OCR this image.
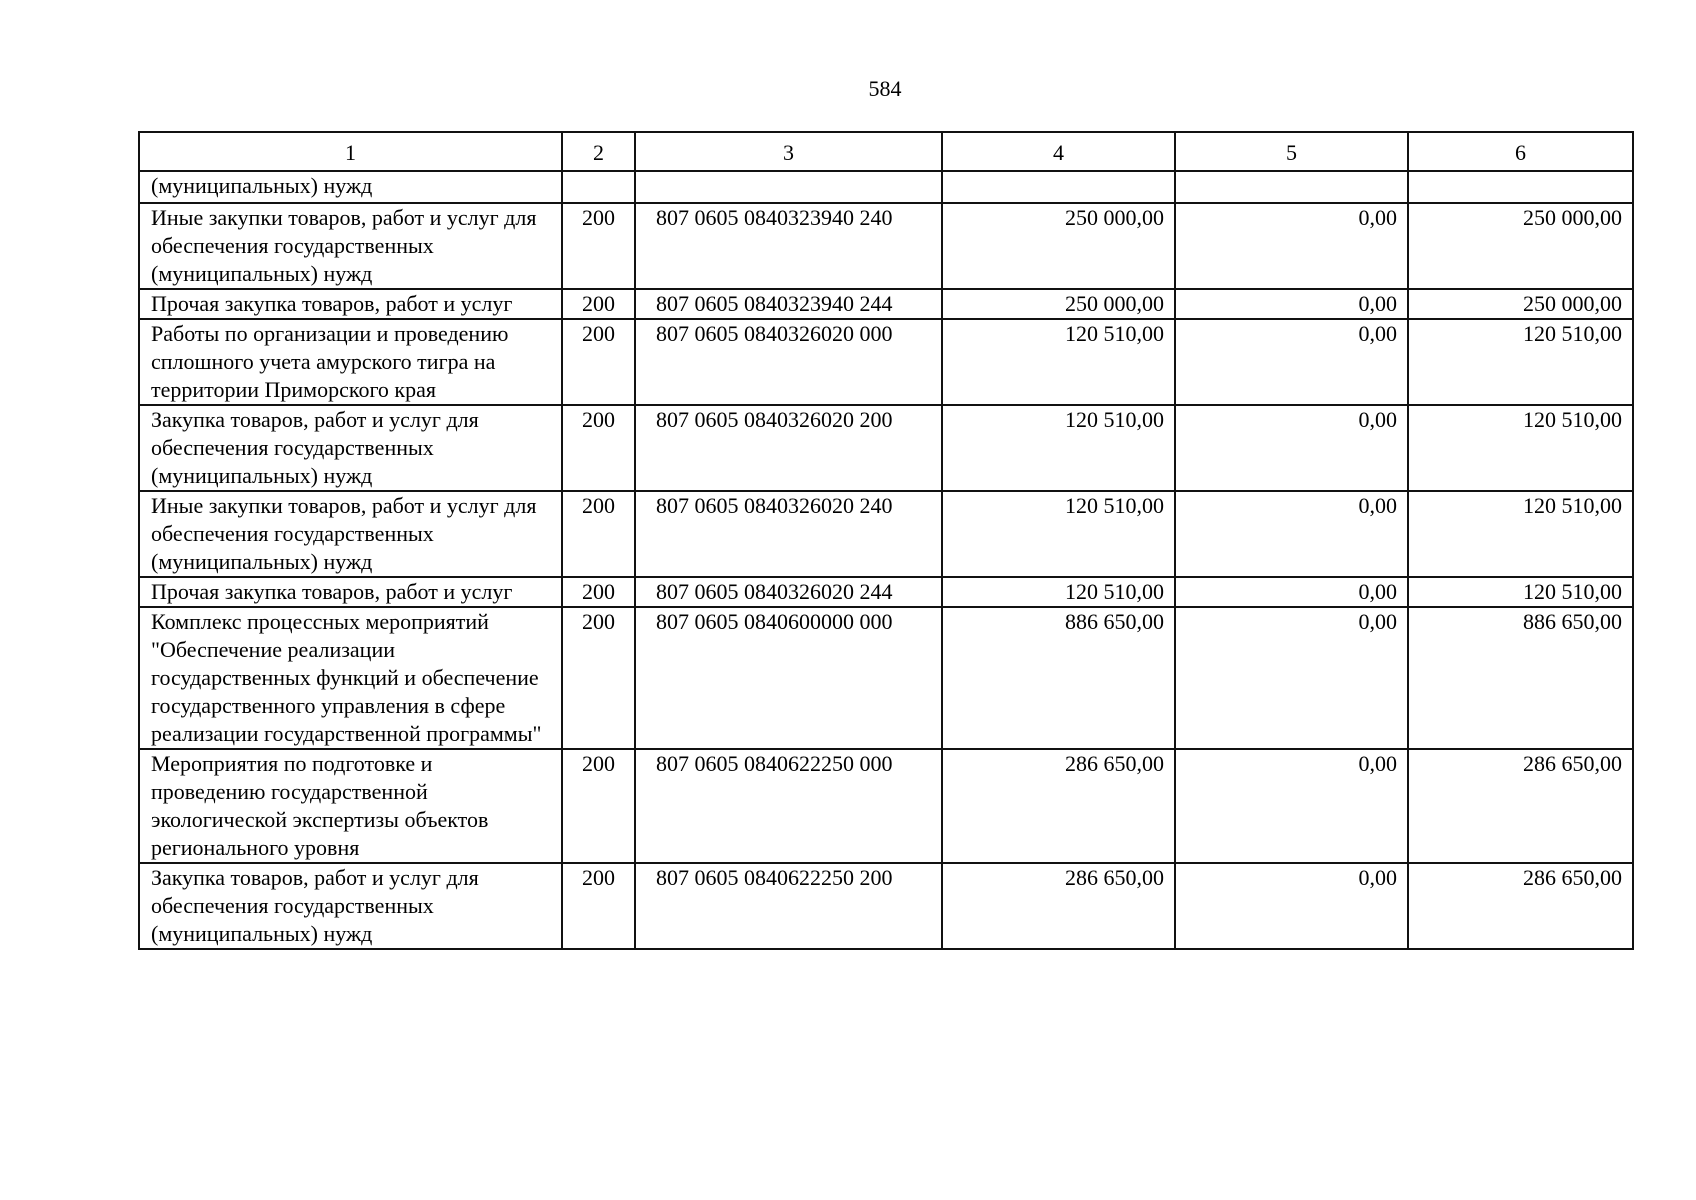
584
1	2	3	4	5	6
(муниципальных) нужд					
Иные закупки товаров, работ и услуг для обеспечения государственных (муниципальных) нужд	200	807 0605 0840323940 240	250 000,00	0,00	250 000,00
Прочая закупка товаров, работ и услуг	200	807 0605 0840323940 244	250 000,00	0,00	250 000,00
Работы по организации и проведению сплошного учета амурского тигра на территории Приморского края	200	807 0605 0840326020 000	120 510,00	0,00	120 510,00
Закупка товаров, работ и услуг для обеспечения государственных (муниципальных) нужд	200	807 0605 0840326020 200	120 510,00	0,00	120 510,00
Иные закупки товаров, работ и услуг для обеспечения государственных (муниципальных) нужд	200	807 0605 0840326020 240	120 510,00	0,00	120 510,00
Прочая закупка товаров, работ и услуг	200	807 0605 0840326020 244	120 510,00	0,00	120 510,00
Комплекс процессных мероприятий "Обеспечение реализации государственных функций и обеспечение государственного управления в сфере реализации государственной программы"	200	807 0605 0840600000 000	886 650,00	0,00	886 650,00
Мероприятия по подготовке и проведению государственной экологической экспертизы объектов регионального уровня	200	807 0605 0840622250 000	286 650,00	0,00	286 650,00
Закупка товаров, работ и услуг для обеспечения государственных (муниципальных) нужд	200	807 0605 0840622250 200	286 650,00	0,00	286 650,00
